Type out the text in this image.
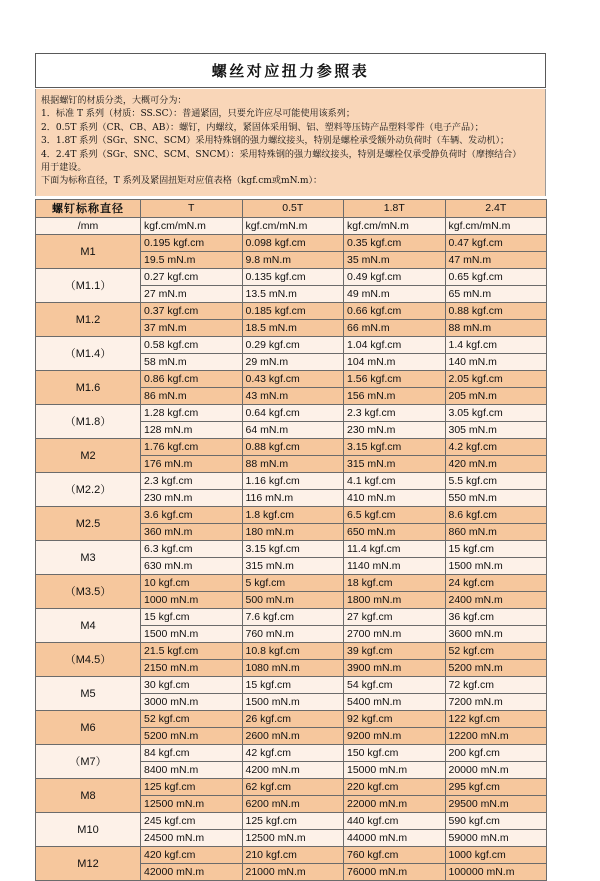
螺丝对应扭力参照表
根据螺钉的材质分类，大概可分为：
1．标准 T 系列（材质：SS.SC）：普通紧固，只要允许应尽可能使用该系列；
2．0.5T 系列（CR、CB、AB）：螺钉，内螺纹，紧固体采用铜、铝、塑料等压铸产品塑料零件（电子产品）；
3．1.8T 系列（SGr、SNC、SCM）采用特殊钢的强力螺纹接头，特别是螺栓承受额外动负荷时（车辆、发动机）；
4．2.4T 系列（SGr、SNC、SCM、SNCM）：采用特殊钢的强力螺纹接头，特别是螺栓仅承受静负荷时（摩擦结合）
用于建设。
下面为标称直径，T 系列及紧固扭矩对应值表格（kgf.cm或mN.m）：
螺钉标称直径	T	0.5T	1.8T	2.4T
/mm	kgf.cm/mN.m	kgf.cm/mN.m	kgf.cm/mN.m	kgf.cm/mN.m
M1	0.195 kgf.cm	0.098 kgf.cm	0.35 kgf.cm	0.47 kgf.cm
	19.5 mN.m	9.8 mN.m	35 mN.m	47 mN.m
（M1.1）	0.27 kgf.cm	0.135 kgf.cm	0.49 kgf.cm	0.65 kgf.cm
	27 mN.m	13.5 mN.m	49 mN.m	65 mN.m
M1.2	0.37 kgf.cm	0.185 kgf.cm	0.66 kgf.cm	0.88 kgf.cm
	37 mN.m	18.5 mN.m	66 mN.m	88 mN.m
（M1.4）	0.58 kgf.cm	0.29 kgf.cm	1.04 kgf.cm	1.4 kgf.cm
	58 mN.m	29 mN.m	104 mN.m	140 mN.m
M1.6	0.86 kgf.cm	0.43 kgf.cm	1.56 kgf.cm	2.05 kgf.cm
	86 mN.m	43 mN.m	156 mN.m	205 mN.m
（M1.8）	1.28 kgf.cm	0.64 kgf.cm	2.3 kgf.cm	3.05 kgf.cm
	128 mN.m	64 mN.m	230 mN.m	305 mN.m
M2	1.76 kgf.cm	0.88 kgf.cm	3.15 kgf.cm	4.2 kgf.cm
	176 mN.m	88 mN.m	315 mN.m	420 mN.m
（M2.2）	2.3 kgf.cm	1.16 kgf.cm	4.1 kgf.cm	5.5 kgf.cm
	230 mN.m	116 mN.m	410 mN.m	550 mN.m
M2.5	3.6 kgf.cm	1.8 kgf.cm	6.5 kgf.cm	8.6 kgf.cm
	360 mN.m	180 mN.m	650 mN.m	860 mN.m
M3	6.3 kgf.cm	3.15 kgf.cm	11.4 kgf.cm	15 kgf.cm
	630 mN.m	315 mN.m	1140 mN.m	1500 mN.m
（M3.5）	10 kgf.cm	5 kgf.cm	18 kgf.cm	24 kgf.cm
	1000 mN.m	500 mN.m	1800 mN.m	2400 mN.m
M4	15 kgf.cm	7.6 kgf.cm	27 kgf.cm	36 kgf.cm
	1500 mN.m	760 mN.m	2700 mN.m	3600 mN.m
（M4.5）	21.5 kgf.cm	10.8 kgf.cm	39 kgf.cm	52 kgf.cm
	2150 mN.m	1080 mN.m	3900 mN.m	5200 mN.m
M5	30 kgf.cm	15 kgf.cm	54 kgf.cm	72 kgf.cm
	3000 mN.m	1500 mN.m	5400 mN.m	7200 mN.m
M6	52 kgf.cm	26 kgf.cm	92 kgf.cm	122 kgf.cm
	5200 mN.m	2600 mN.m	9200 mN.m	12200 mN.m
（M7）	84 kgf.cm	42 kgf.cm	150 kgf.cm	200 kgf.cm
	8400 mN.m	4200 mN.m	15000 mN.m	20000 mN.m
M8	125 kgf.cm	62 kgf.cm	220 kgf.cm	295 kgf.cm
	12500 mN.m	6200 mN.m	22000 mN.m	29500 mN.m
M10	245 kgf.cm	125 kgf.cm	440 kgf.cm	590 kgf.cm
	24500 mN.m	12500 mN.m	44000 mN.m	59000 mN.m
M12	420 kgf.cm	210 kgf.cm	760 kgf.cm	1000 kgf.cm
	42000 mN.m	21000 mN.m	76000 mN.m	100000 mN.m
